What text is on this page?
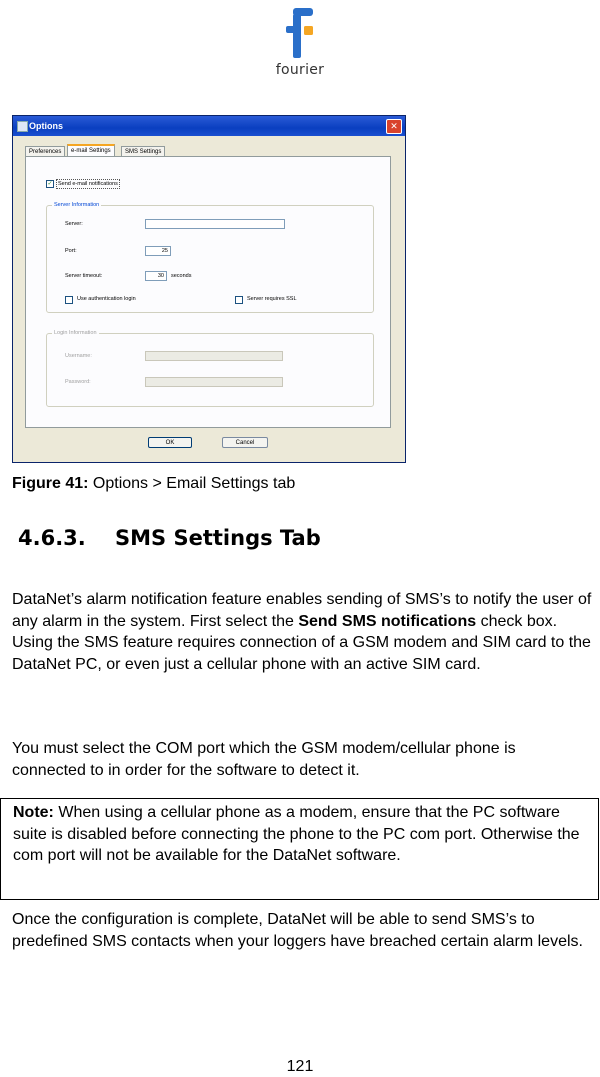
fourier
Options	✕
Preferences	e-mail Settings	SMS Settings
✓ Send e-mail notifications
Server Information
Server:
Port:	25
Server timeout:	30	seconds
Use authentication login	Server requires SSL
Login Information
Username:
Password:
OK	Cancel
Figure 41: Options > Email Settings tab
4.6.3.    SMS Settings Tab
DataNet’s alarm notification feature enables sending of SMS’s to notify the user of any alarm in the system. First select the Send SMS notifications check box. Using the SMS feature requires connection of a GSM modem and SIM card to the DataNet PC, or even just a cellular phone with an active SIM card.
You must select the COM port which the GSM modem/cellular phone is connected to in order for the software to detect it.
Note: When using a cellular phone as a modem, ensure that the PC software suite is disabled before connecting the phone to the PC com port. Otherwise the com port will not be available for the DataNet software.
Once the configuration is complete, DataNet will be able to send SMS’s to predefined SMS contacts when your loggers have breached certain alarm levels.
121
